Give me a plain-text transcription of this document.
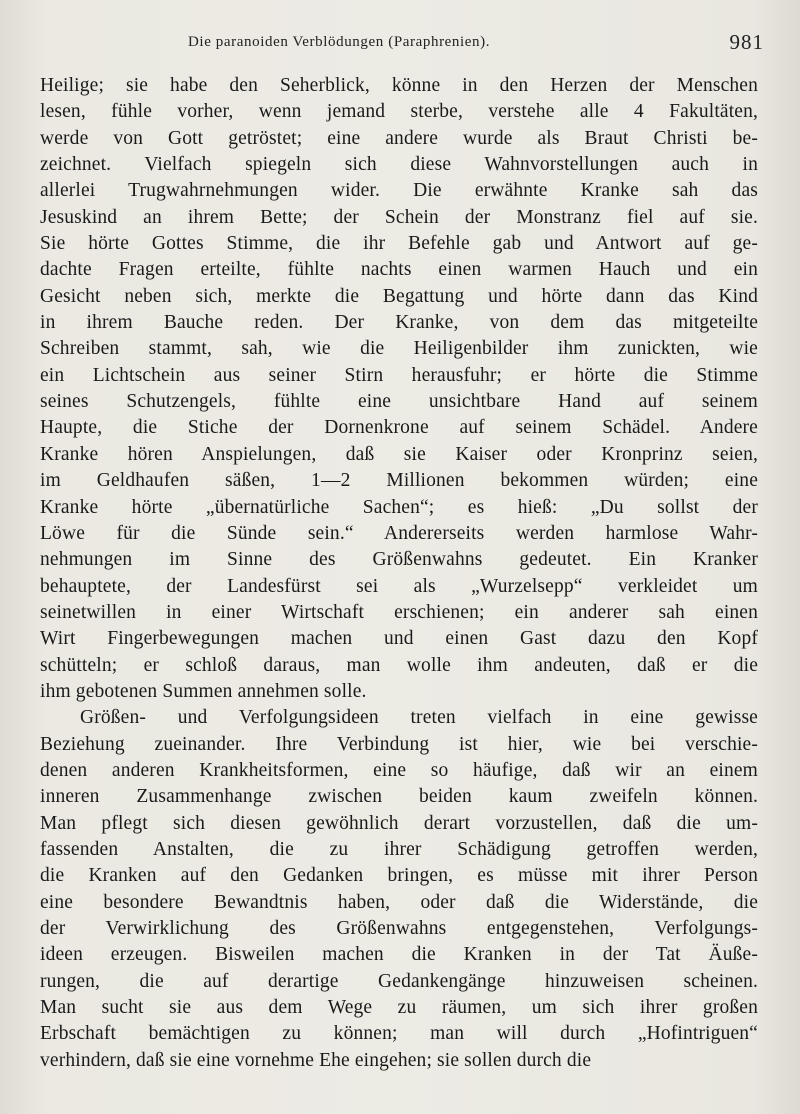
Die paranoiden Verblödungen (Paraphrenien).	981
Heilige; sie habe den Seherblick, könne in den Herzen der Menschen
lesen, fühle vorher, wenn jemand sterbe, verstehe alle 4 Fakultäten,
werde von Gott getröstet; eine andere wurde als Braut Christi be-
zeichnet. Vielfach spiegeln sich diese Wahnvorstellungen auch in
allerlei Trugwahrnehmungen wider. Die erwähnte Kranke sah das
Jesuskind an ihrem Bette; der Schein der Monstranz fiel auf sie.
Sie hörte Gottes Stimme, die ihr Befehle gab und Antwort auf ge-
dachte Fragen erteilte, fühlte nachts einen warmen Hauch und ein
Gesicht neben sich, merkte die Begattung und hörte dann das Kind
in ihrem Bauche reden. Der Kranke, von dem das mitgeteilte
Schreiben stammt, sah, wie die Heiligenbilder ihm zunickten, wie
ein Lichtschein aus seiner Stirn herausfuhr; er hörte die Stimme
seines Schutzengels, fühlte eine unsichtbare Hand auf seinem
Haupte, die Stiche der Dornenkrone auf seinem Schädel. Andere
Kranke hören Anspielungen, daß sie Kaiser oder Kronprinz seien,
im Geldhaufen säßen, 1—2 Millionen bekommen würden; eine
Kranke hörte „übernatürliche Sachen“; es hieß: „Du sollst der
Löwe für die Sünde sein.“ Andererseits werden harmlose Wahr-
nehmungen im Sinne des Größenwahns gedeutet. Ein Kranker
behauptete, der Landesfürst sei als „Wurzelsepp“ verkleidet um
seinetwillen in einer Wirtschaft erschienen; ein anderer sah einen
Wirt Fingerbewegungen machen und einen Gast dazu den Kopf
schütteln; er schloß daraus, man wolle ihm andeuten, daß er die
ihm gebotenen Summen annehmen solle.
Größen- und Verfolgungsideen treten vielfach in eine gewisse
Beziehung zueinander. Ihre Verbindung ist hier, wie bei verschie-
denen anderen Krankheitsformen, eine so häufige, daß wir an einem
inneren Zusammenhange zwischen beiden kaum zweifeln können.
Man pflegt sich diesen gewöhnlich derart vorzustellen, daß die um-
fassenden Anstalten, die zu ihrer Schädigung getroffen werden,
die Kranken auf den Gedanken bringen, es müsse mit ihrer Person
eine besondere Bewandtnis haben, oder daß die Widerstände, die
der Verwirklichung des Größenwahns entgegenstehen, Verfolgungs-
ideen erzeugen. Bisweilen machen die Kranken in der Tat Äuße-
rungen, die auf derartige Gedankengänge hinzuweisen scheinen.
Man sucht sie aus dem Wege zu räumen, um sich ihrer großen
Erbschaft bemächtigen zu können; man will durch „Hofintriguen“
verhindern, daß sie eine vornehme Ehe eingehen; sie sollen durch die
